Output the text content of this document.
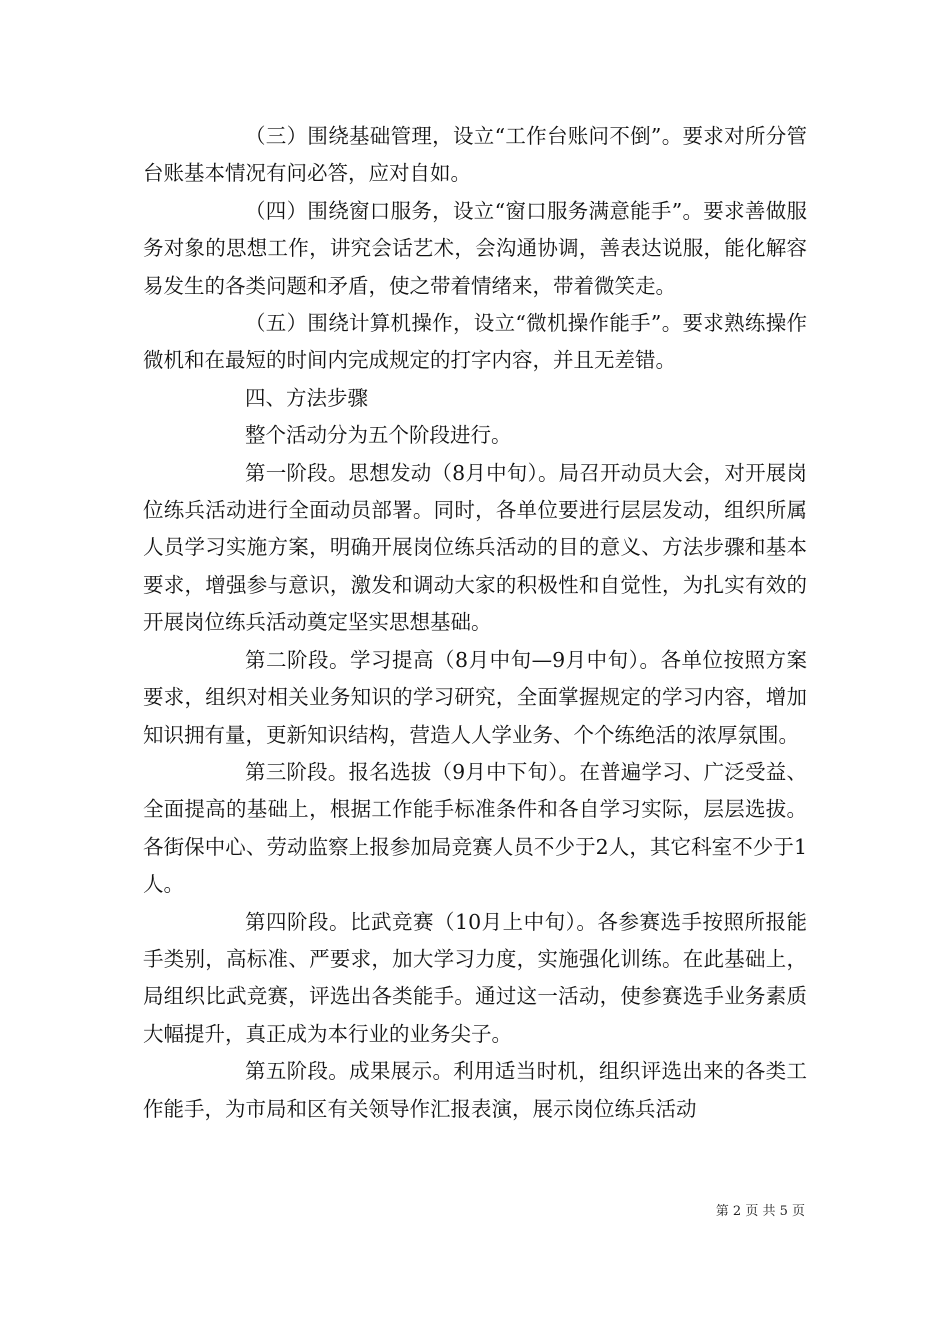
（三）围绕基础管理，设立“工作台账问不倒”。要求对所分管台账基本情况有问必答，应对自如。

（四）围绕窗口服务，设立“窗口服务满意能手”。要求善做服务对象的思想工作，讲究会话艺术，会沟通协调，善表达说服，能化解容易发生的各类问题和矛盾，使之带着情绪来，带着微笑走。

（五）围绕计算机操作，设立“微机操作能手”。要求熟练操作微机和在最短的时间内完成规定的打字内容，并且无差错。

四、方法步骤

整个活动分为五个阶段进行。

第一阶段。思想发动（8月中旬）。局召开动员大会，对开展岗位练兵活动进行全面动员部署。同时，各单位要进行层层发动，组织所属人员学习实施方案，明确开展岗位练兵活动的目的意义、方法步骤和基本要求，增强参与意识，激发和调动大家的积极性和自觉性，为扎实有效的开展岗位练兵活动奠定坚实思想基础。

第二阶段。学习提高（8月中旬—9月中旬）。各单位按照方案要求，组织对相关业务知识的学习研究，全面掌握规定的学习内容，增加知识拥有量，更新知识结构，营造人人学业务、个个练绝活的浓厚氛围。

第三阶段。报名选拔（9月中下旬）。在普遍学习、广泛受益、全面提高的基础上，根据工作能手标准条件和各自学习实际，层层选拔。各街保中心、劳动监察上报参加局竞赛人员不少于2人，其它科室不少于1人。

第四阶段。比武竞赛（10月上中旬）。各参赛选手按照所报能手类别，高标准、严要求，加大学习力度，实施强化训练。在此基础上，局组织比武竞赛，评选出各类能手。通过这一活动，使参赛选手业务素质大幅提升，真正成为本行业的业务尖子。

第五阶段。成果展示。利用适当时机，组织评选出来的各类工作能手，为市局和区有关领导作汇报表演，展示岗位练兵活动

第 2 页 共 5 页
